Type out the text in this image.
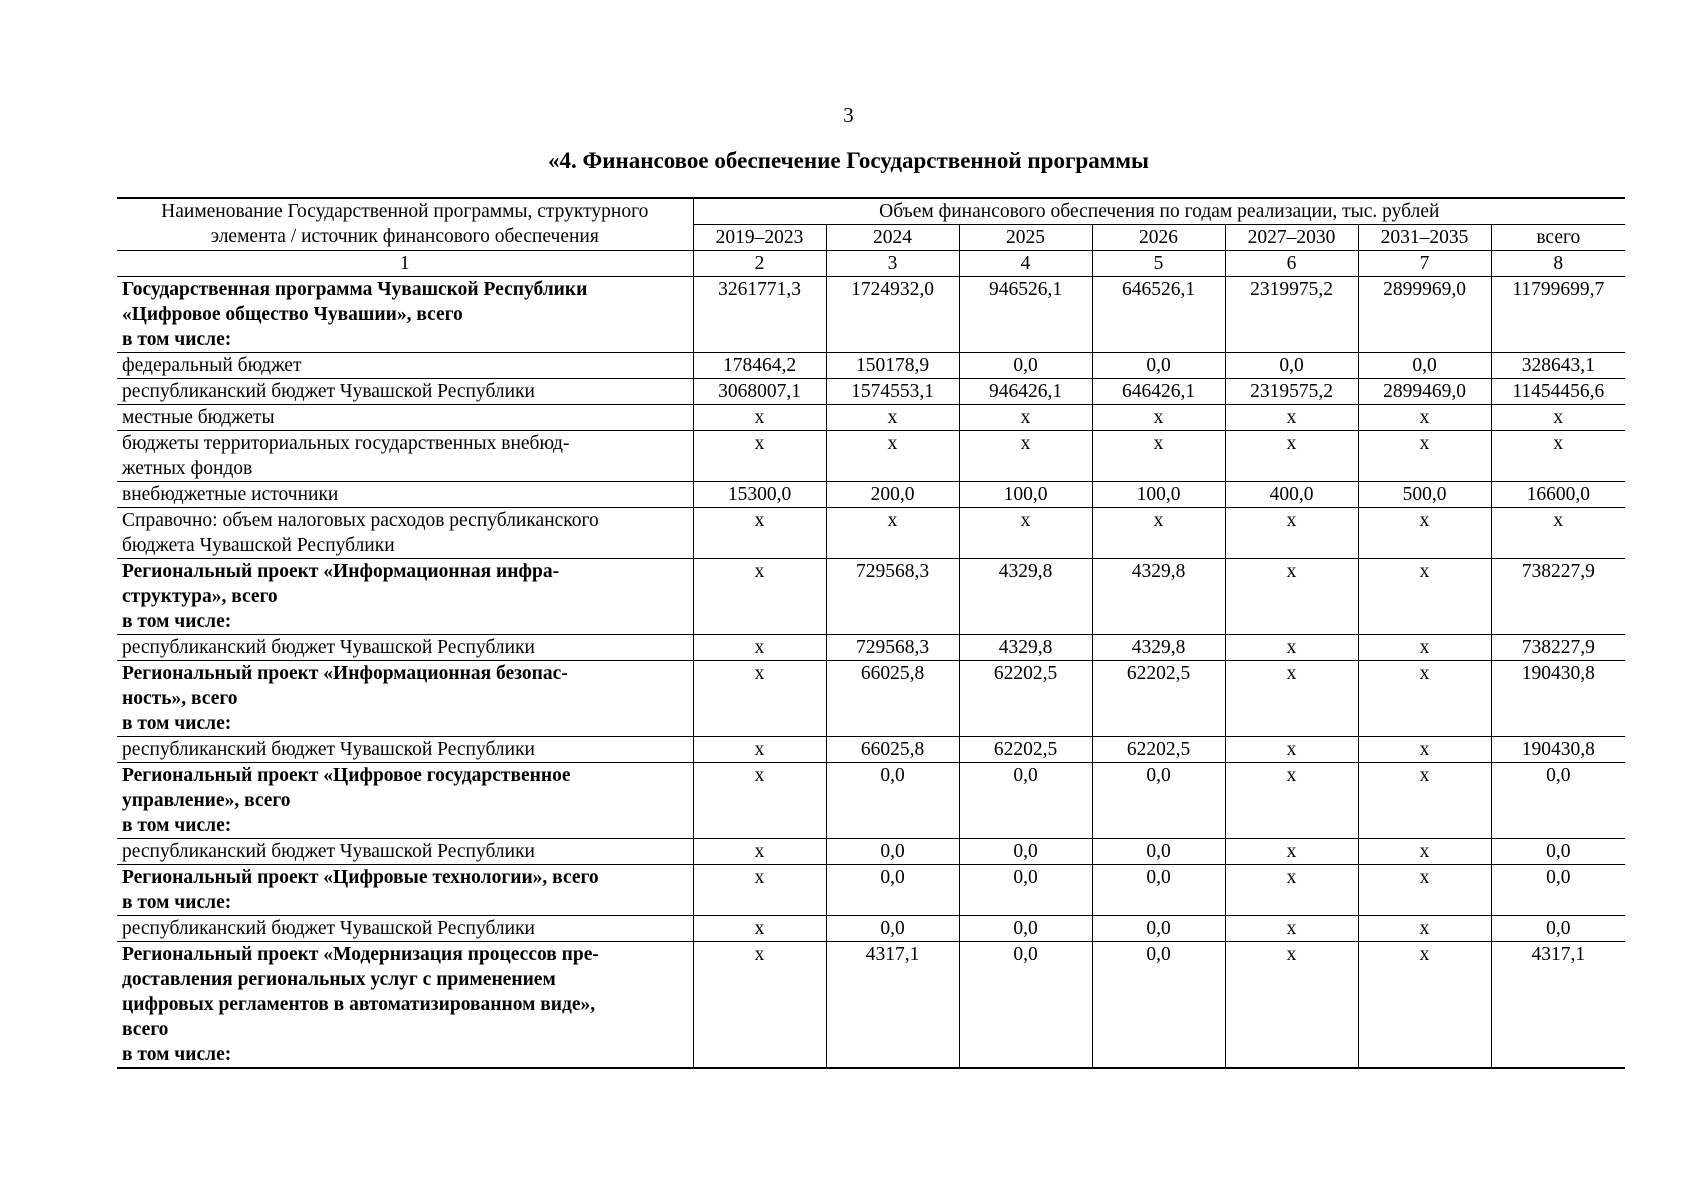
3
«4. Финансовое обеспечение Государственной программы
Наименование Государственной программы, структурного элемента / источник финансового обеспечения	Объем финансового обеспечения по годам реализации, тыс. рублей						
	2019–2023	2024	2025	2026	2027–2030	2031–2035	всего
1	2	3	4	5	6	7	8

Государственная программа Чувашской Республики
«Цифровое общество Чувашии», всего
в том числе:	3261771,3	1724932,0	946526,1	646526,1	2319975,2	2899969,0	11799699,7

федеральный бюджет	178464,2	150178,9	0,0	0,0	0,0	0,0	328643,1

республиканский бюджет Чувашской Республики	3068007,1	1574553,1	946426,1	646426,1	2319575,2	2899469,0	11454456,6

местные бюджеты	х	х	х	х	х	х	х

бюджеты территориальных государственных внебюд-
жетных фондов	х	х	х	х	х	х	х

внебюджетные источники	15300,0	200,0	100,0	100,0	400,0	500,0	16600,0

Справочно: объем налоговых расходов республиканского
бюджета Чувашской Республики	х	х	х	х	х	х	х

Региональный проект «Информационная инфра-
структура», всего
в том числе:	х	729568,3	4329,8	4329,8	х	х	738227,9

республиканский бюджет Чувашской Республики	х	729568,3	4329,8	4329,8	х	х	738227,9

Региональный проект «Информационная безопас-
ность», всего
в том числе:	х	66025,8	62202,5	62202,5	х	х	190430,8

республиканский бюджет Чувашской Республики	х	66025,8	62202,5	62202,5	х	х	190430,8

Региональный проект «Цифровое государственное
управление», всего
в том числе:	х	0,0	0,0	0,0	х	х	0,0

республиканский бюджет Чувашской Республики	х	0,0	0,0	0,0	х	х	0,0

Региональный проект «Цифровые технологии», всего
в том числе:	х	0,0	0,0	0,0	х	х	0,0

республиканский бюджет Чувашской Республики	х	0,0	0,0	0,0	х	х	0,0

Региональный проект «Модернизация процессов пре-
доставления региональных услуг с применением
цифровых регламентов в автоматизированном виде»,
всего
в том числе:	х	4317,1	0,0	0,0	х	х	4317,1
